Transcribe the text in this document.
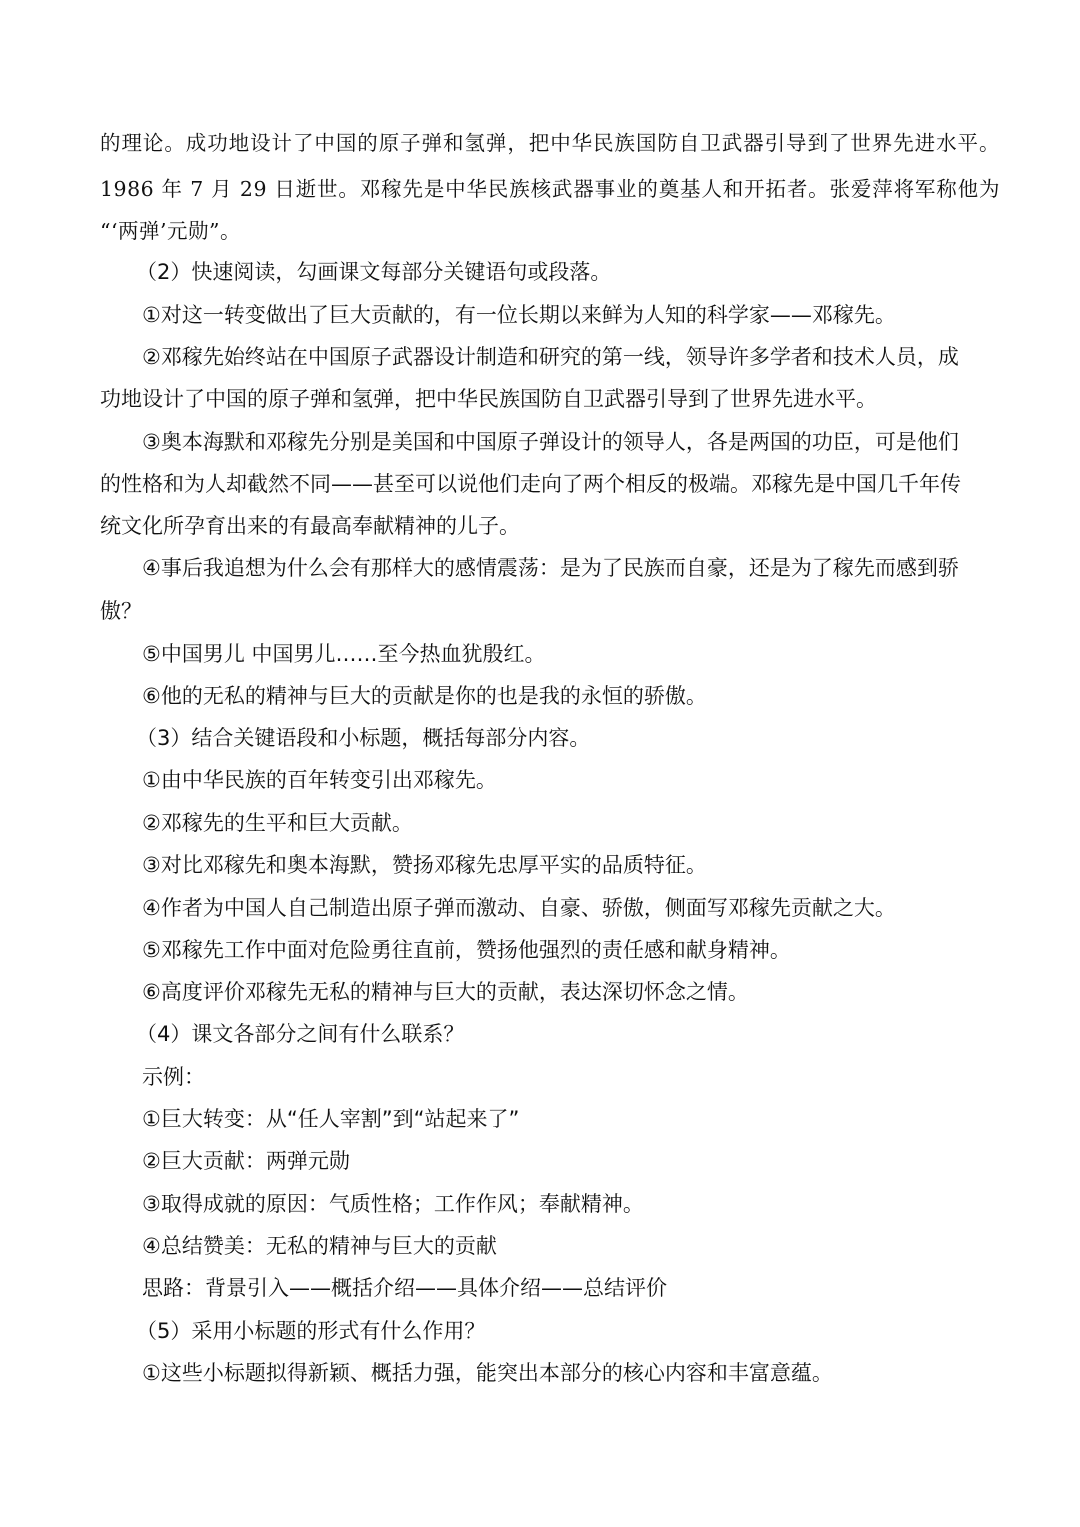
的理论。成功地设计了中国的原子弹和氢弹，把中华民族国防自卫武器引导到了世界先进水平。
1986 年 7 月 29 日逝世。邓稼先是中华民族核武器事业的奠基人和开拓者。张爱萍将军称他为
“‘两弹’元勋”。
（2）快速阅读，勾画课文每部分关键语句或段落。
①对这一转变做出了巨大贡献的，有一位长期以来鲜为人知的科学家——邓稼先。
②邓稼先始终站在中国原子武器设计制造和研究的第一线，领导许多学者和技术人员，成
功地设计了中国的原子弹和氢弹，把中华民族国防自卫武器引导到了世界先进水平。
③奥本海默和邓稼先分别是美国和中国原子弹设计的领导人，各是两国的功臣，可是他们
的性格和为人却截然不同——甚至可以说他们走向了两个相反的极端。邓稼先是中国几千年传
统文化所孕育出来的有最高奉献精神的儿子。
④事后我追想为什么会有那样大的感情震荡：是为了民族而自豪，还是为了稼先而感到骄
傲？
⑤中国男儿 中国男儿……至今热血犹殷红。
⑥他的无私的精神与巨大的贡献是你的也是我的永恒的骄傲。
（3）结合关键语段和小标题，概括每部分内容。
①由中华民族的百年转变引出邓稼先。
②邓稼先的生平和巨大贡献。
③对比邓稼先和奥本海默，赞扬邓稼先忠厚平实的品质特征。
④作者为中国人自己制造出原子弹而激动、自豪、骄傲，侧面写邓稼先贡献之大。
⑤邓稼先工作中面对危险勇往直前，赞扬他强烈的责任感和献身精神。
⑥高度评价邓稼先无私的精神与巨大的贡献，表达深切怀念之情。
（4）课文各部分之间有什么联系？
示例：
①巨大转变：从“任人宰割”到“站起来了”
②巨大贡献：两弹元勋
③取得成就的原因：气质性格；工作作风；奉献精神。
④总结赞美：无私的精神与巨大的贡献
思路：背景引入——概括介绍——具体介绍——总结评价
（5）采用小标题的形式有什么作用？
①这些小标题拟得新颖、概括力强，能突出本部分的核心内容和丰富意蕴。
